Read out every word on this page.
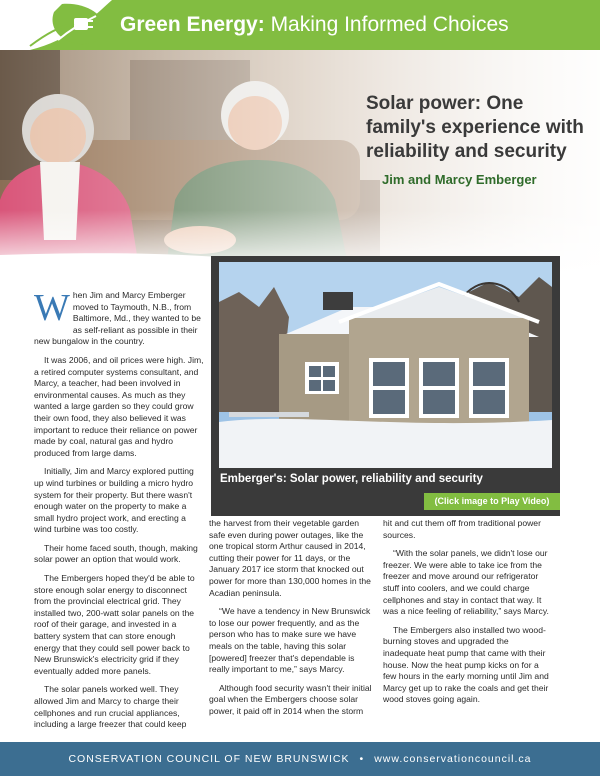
Green Energy: Making Informed Choices
Solar power: One family's experience with reliability and security
Jim and Marcy Emberger

When Jim and Marcy Emberger moved to Taymouth, N.B., from Baltimore, Md., they wanted to be as self-reliant as possible in their new bungalow in the country.

It was 2006, and oil prices were high. Jim, a retired computer systems consultant, and Marcy, a teacher, had been involved in environmental causes. As much as they wanted a large garden so they could grow their own food, they also believed it was important to reduce their reliance on power made by coal, natural gas and hydro produced from large dams.

Initially, Jim and Marcy explored putting up wind turbines or building a micro hydro system for their property. But there wasn't enough water on the property to make a small hydro project work, and erecting a wind turbine was too costly.

Their home faced south, though, making solar power an option that would work.

The Embergers hoped they'd be able to store enough solar energy to disconnect from the provincial electrical grid. They installed two, 200-watt solar panels on the roof of their garage, and invested in a battery system that can store enough energy that they could sell power back to New Brunswick's electricity grid if they eventually added more panels.

The solar panels worked well. They allowed Jim and Marcy to charge their cellphones and run crucial appliances, including a large freezer that could keep

Emberger's: Solar power, reliability and security
(Click image to Play Video)

the harvest from their vegetable garden safe even during power outages, like the one tropical storm Arthur caused in 2014, cutting their power for 11 days, or the January 2017 ice storm that knocked out power for more than 130,000 homes in the Acadian peninsula.

“We have a tendency in New Brunswick to lose our power frequently, and as the person who has to make sure we have meals on the table, having this solar [powered] freezer that's dependable is really important to me,” says Marcy.

Although food security wasn't their initial goal when the Embergers choose solar power, it paid off in 2014 when the storm

hit and cut them off from traditional power sources.

“With the solar panels, we didn't lose our freezer. We were able to take ice from the freezer and move around our refrigerator stuff into coolers, and we could charge cellphones and stay in contact that way. It was a nice feeling of reliability,” says Marcy.

The Embergers also installed two wood-burning stoves and upgraded the inadequate heat pump that came with their house. Now the heat pump kicks on for a few hours in the early morning until Jim and Marcy get up to rake the coals and get their wood stoves going again.

CONSERVATION COUNCIL OF NEW BRUNSWICK • www.conservationcouncil.ca
